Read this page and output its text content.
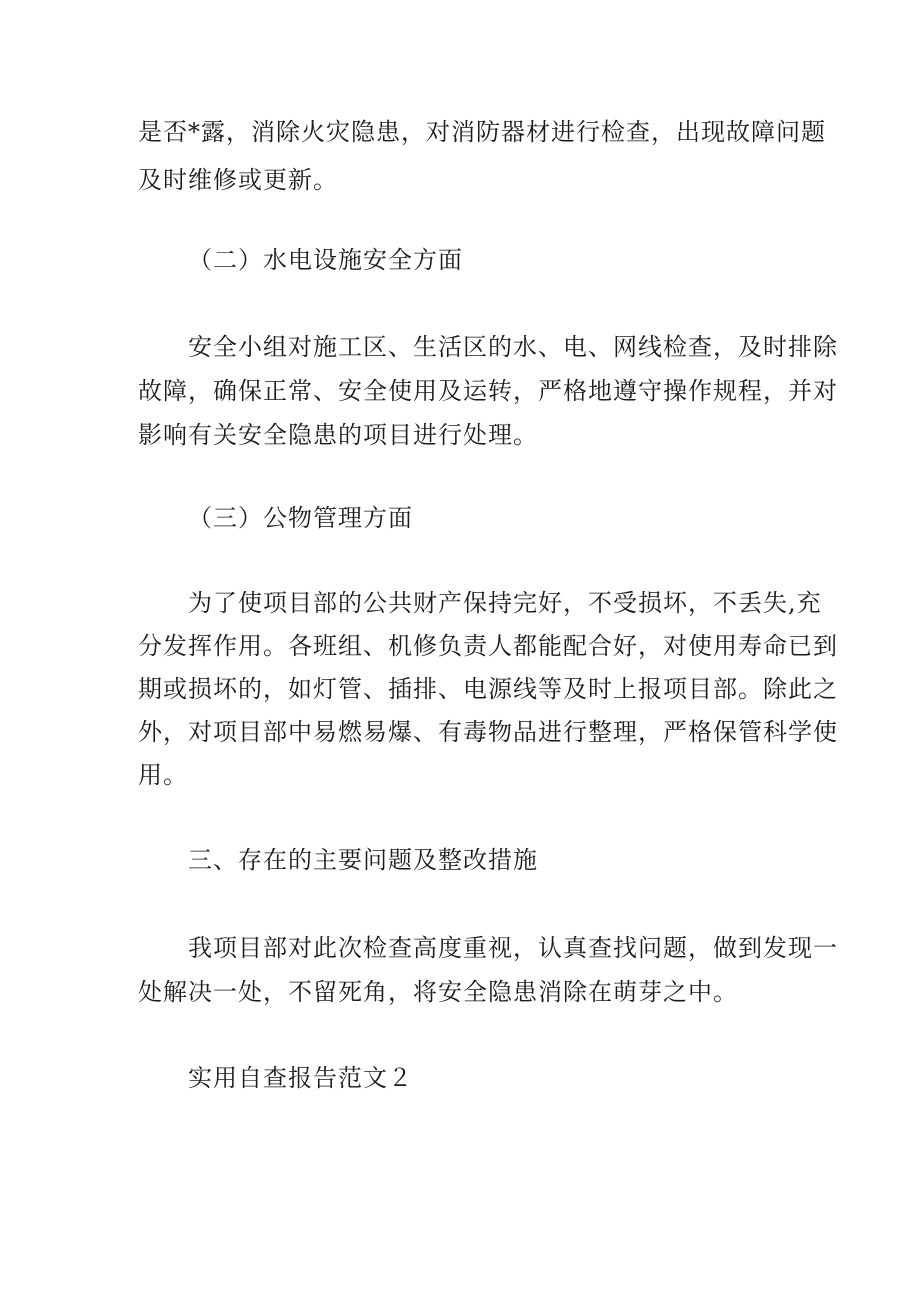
是否*露，消除火灾隐患，对消防器材进行检查，出现故障问题
及时维修或更新。
（二）水电设施安全方面
安全小组对施工区、生活区的水、电、网线检查，及时排除
故障，确保正常、安全使用及运转，严格地遵守操作规程，并对
影响有关安全隐患的项目进行处理。
（三）公物管理方面
为了使项目部的公共财产保持完好，不受损坏，不丢失,充
分发挥作用。各班组、机修负责人都能配合好，对使用寿命已到
期或损坏的，如灯管、插排、电源线等及时上报项目部。除此之
外，对项目部中易燃易爆、有毒物品进行整理，严格保管科学使
用。
三、存在的主要问题及整改措施
我项目部对此次检查高度重视，认真查找问题，做到发现一
处解决一处，不留死角，将安全隐患消除在萌芽之中。
实用自查报告范文２
